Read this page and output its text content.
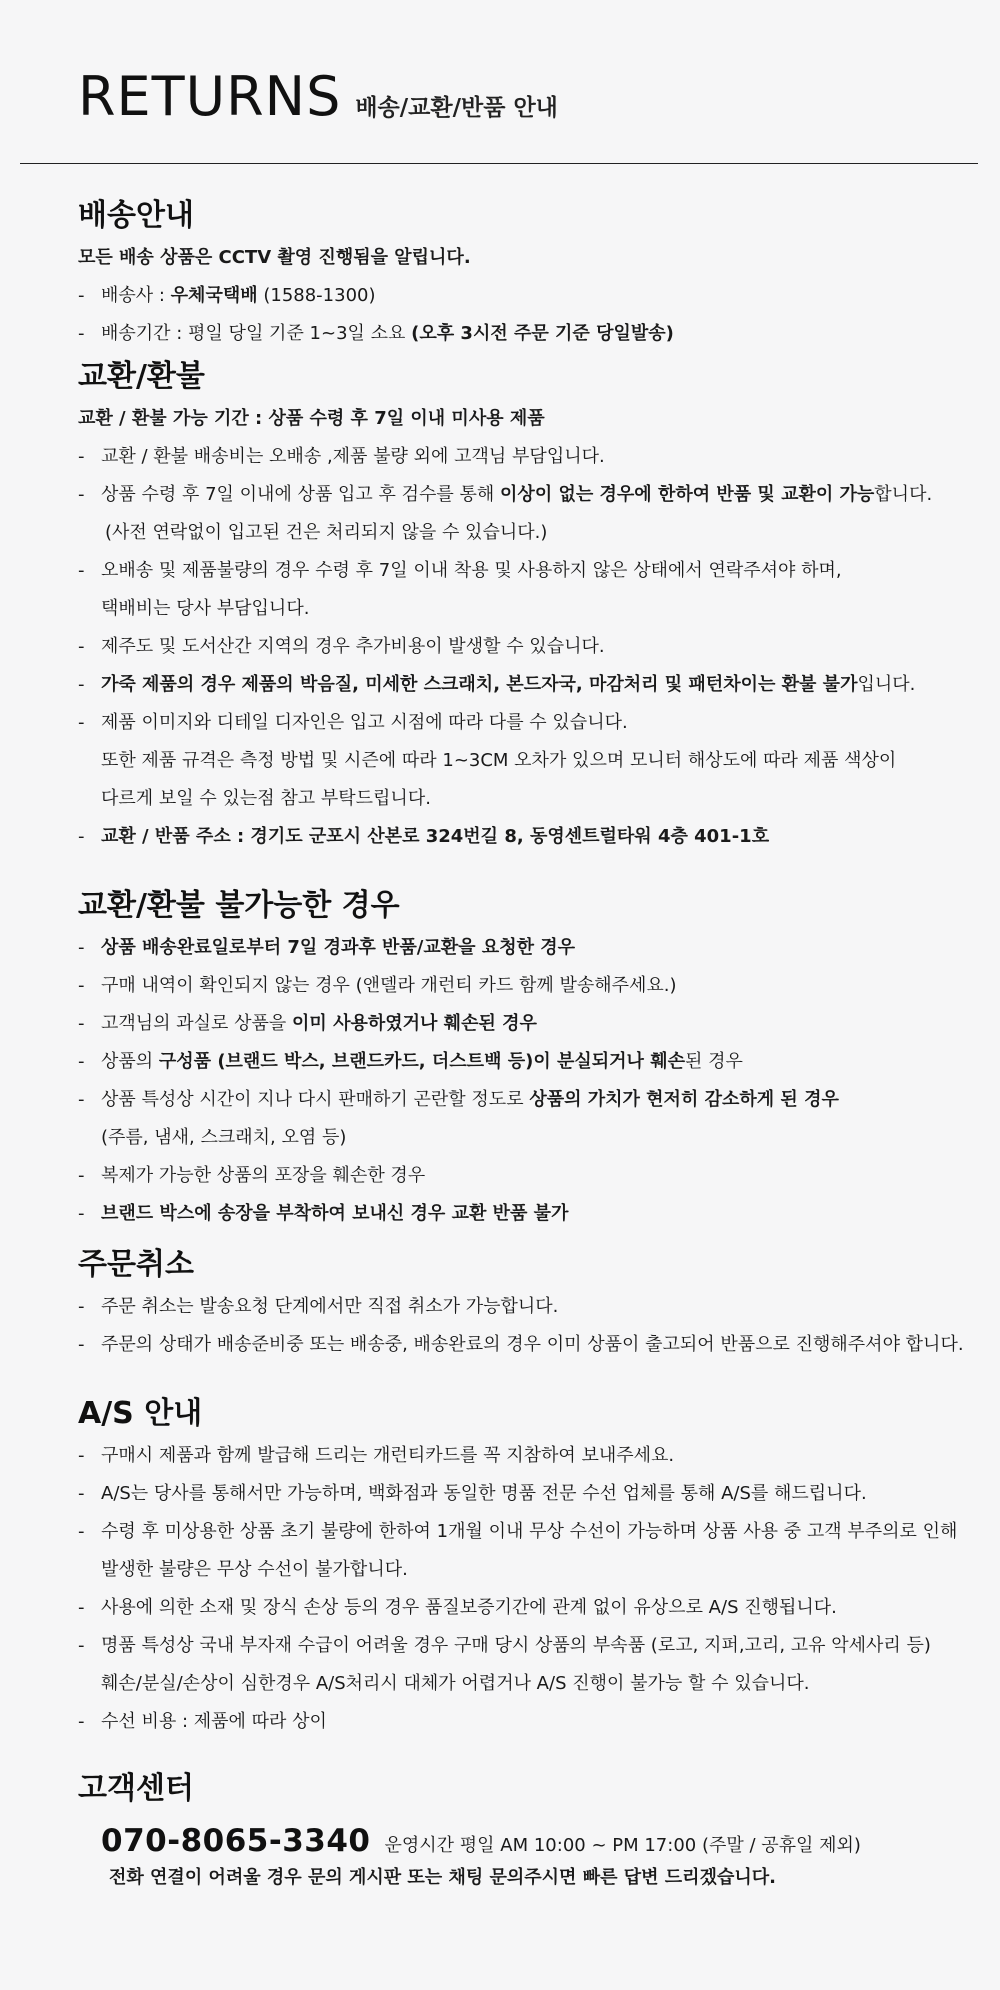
RETURNS 배송/교환/반품 안내
배송안내
모든 배송 상품은 CCTV 촬영 진행됨을 알립니다.
- 배송사 : 우체국택배 (1588-1300)
- 배송기간 : 평일 당일 기준 1~3일 소요 (오후 3시전 주문 기준 당일발송)
교환/환불
교환 / 환불 가능 기간 : 상품 수령 후 7일 이내 미사용 제품
- 교환 / 환불 배송비는 오배송 ,제품 불량 외에 고객님 부담입니다.
- 상품 수령 후 7일 이내에 상품 입고 후 검수를 통해 이상이 없는 경우에 한하여 반품 및 교환이 가능합니다.
(사전 연락없이 입고된 건은 처리되지 않을 수 있습니다.)
- 오배송 및 제품불량의 경우 수령 후 7일 이내 착용 및 사용하지 않은 상태에서 연락주셔야 하며,
택배비는 당사 부담입니다.
- 제주도 및 도서산간 지역의 경우 추가비용이 발생할 수 있습니다.
- 가죽 제품의 경우 제품의 박음질, 미세한 스크래치, 본드자국, 마감처리 및 패턴차이는 환불 불가입니다.
- 제품 이미지와 디테일 디자인은 입고 시점에 따라 다를 수 있습니다.
또한 제품 규격은 측정 방법 및 시즌에 따라 1~3CM 오차가 있으며 모니터 해상도에 따라 제품 색상이
다르게 보일 수 있는점 참고 부탁드립니다.
- 교환 / 반품 주소 : 경기도 군포시 산본로 324번길 8, 동영센트럴타워 4층 401-1호
교환/환불 불가능한 경우
- 상품 배송완료일로부터 7일 경과후 반품/교환을 요청한 경우
- 구매 내역이 확인되지 않는 경우 (앤델라 개런티 카드 함께 발송해주세요.)
- 고객님의 과실로 상품을 이미 사용하였거나 훼손된 경우
- 상품의 구성품 (브랜드 박스, 브랜드카드, 더스트백 등)이 분실되거나 훼손된 경우
- 상품 특성상 시간이 지나 다시 판매하기 곤란할 정도로 상품의 가치가 현저히 감소하게 된 경우
(주름, 냄새, 스크래치, 오염 등)
- 복제가 가능한 상품의 포장을 훼손한 경우
- 브랜드 박스에 송장을 부착하여 보내신 경우 교환 반품 불가
주문취소
- 주문 취소는 발송요청 단계에서만 직접 취소가 가능합니다.
- 주문의 상태가 배송준비중 또는 배송중, 배송완료의 경우 이미 상품이 출고되어 반품으로 진행해주셔야 합니다.
A/S 안내
- 구매시 제품과 함께 발급해 드리는 개런티카드를 꼭 지참하여 보내주세요.
- A/S는 당사를 통해서만 가능하며, 백화점과 동일한 명품 전문 수선 업체를 통해 A/S를 해드립니다.
- 수령 후 미상용한 상품 초기 불량에 한하여 1개월 이내 무상 수선이 가능하며 상품 사용 중 고객 부주의로 인해
발생한 불량은 무상 수선이 불가합니다.
- 사용에 의한 소재 및 장식 손상 등의 경우 품질보증기간에 관계 없이 유상으로 A/S 진행됩니다.
- 명품 특성상 국내 부자재 수급이 어려울 경우 구매 당시 상품의 부속품 (로고, 지퍼,고리, 고유 악세사리 등)
훼손/분실/손상이 심한경우 A/S처리시 대체가 어렵거나 A/S 진행이 불가능 할 수 있습니다.
- 수선 비용 : 제품에 따라 상이
고객센터
070-8065-3340 운영시간 평일 AM 10:00 ~ PM 17:00 (주말 / 공휴일 제외)
전화 연결이 어려울 경우 문의 게시판 또는 채팅 문의주시면 빠른 답변 드리겠습니다.
